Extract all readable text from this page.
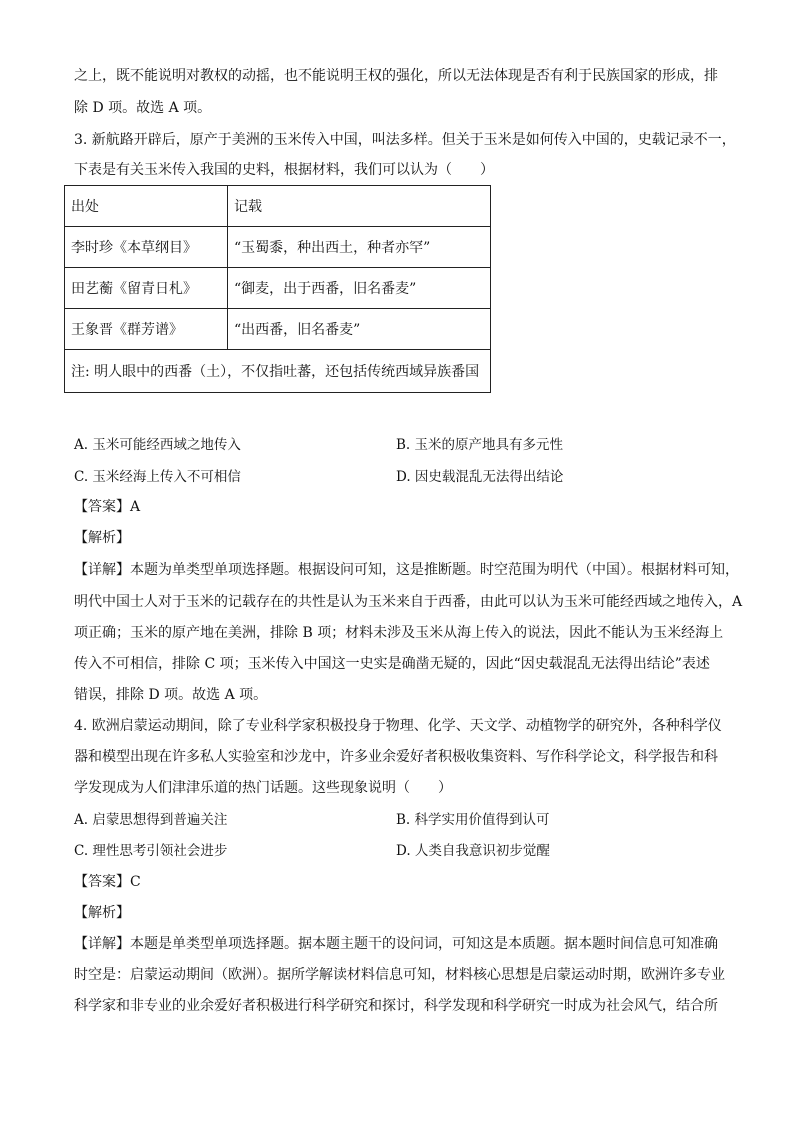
之上，既不能说明对教权的动摇，也不能说明王权的强化，所以无法体现是否有利于民族国家的形成，排
除 D 项。故选 A 项。
3. 新航路开辟后，原产于美洲的玉米传入中国，叫法多样。但关于玉米是如何传入中国的，史载记录不一，
下表是有关玉米传入我国的史料，根据材料，我们可以认为（　　）
出处	记载
李时珍《本草纲目》	“玉蜀黍，种出西土，种者亦罕”
田艺蘅《留青日札》	“御麦，出于西番，旧名番麦”
王象晋《群芳谱》	“出西番，旧名番麦”
注: 明人眼中的西番（土），不仅指吐蕃，还包括传统西域异族番国	
A. 玉米可能经西域之地传入	B. 玉米的原产地具有多元性
C. 玉米经海上传入不可相信	D. 因史载混乱无法得出结论
【答案】A
【解析】
【详解】本题为单类型单项选择题。根据设问可知，这是推断题。时空范围为明代（中国）。根据材料可知，
明代中国士人对于玉米的记载存在的共性是认为玉米来自于西番，由此可以认为玉米可能经西域之地传入，A
项正确；玉米的原产地在美洲，排除 B 项；材料未涉及玉米从海上传入的说法，因此不能认为玉米经海上
传入不可相信，排除 C 项；玉米传入中国这一史实是确凿无疑的，因此“因史载混乱无法得出结论”表述
错误，排除 D 项。故选 A 项。
4. 欧洲启蒙运动期间，除了专业科学家积极投身于物理、化学、天文学、动植物学的研究外，各种科学仪
器和模型出现在许多私人实验室和沙龙中，许多业余爱好者积极收集资料、写作科学论文，科学报告和科
学发现成为人们津津乐道的热门话题。这些现象说明（　　）
A. 启蒙思想得到普遍关注	B. 科学实用价值得到认可
C. 理性思考引领社会进步	D. 人类自我意识初步觉醒
【答案】C
【解析】
【详解】本题是单类型单项选择题。据本题主题干的设问词，可知这是本质题。据本题时间信息可知准确
时空是：启蒙运动期间（欧洲）。据所学解读材料信息可知，材料核心思想是启蒙运动时期，欧洲许多专业
科学家和非专业的业余爱好者积极进行科学研究和探讨，科学发现和科学研究一时成为社会风气，结合所
